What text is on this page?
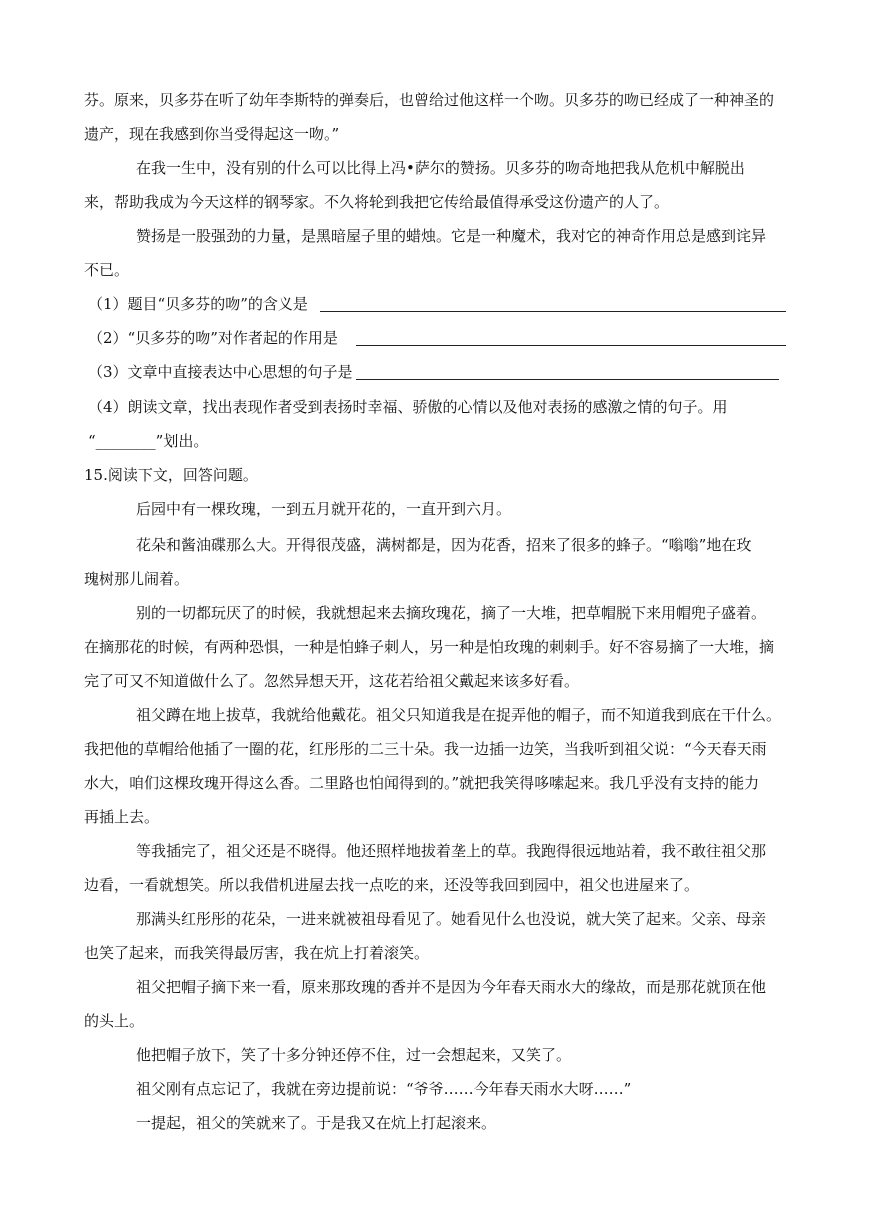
芬。原来，贝多芬在听了幼年李斯特的弹奏后，也曾给过他这样一个吻。贝多芬的吻已经成了一种神圣的
遗产，现在我感到你当受得起这一吻。”
在我一生中，没有别的什么可以比得上冯•萨尔的赞扬。贝多芬的吻奇地把我从危机中解脱出
来，帮助我成为今天这样的钢琴家。不久将轮到我把它传给最值得承受这份遗产的人了。
赞扬是一股强劲的力量，是黑暗屋子里的蜡烛。它是一种魔术，我对它的神奇作用总是感到诧异
不已。
（1）题目“贝多芬的吻”的含义是
（2）“贝多芬的吻”对作者起的作用是
（3）文章中直接表达中心思想的句子是
（4）朗读文章，找出表现作者受到表扬时幸福、骄傲的心情以及他对表扬的感激之情的句子。用
“________”划出。
15.阅读下文，回答问题。
后园中有一棵玫瑰，一到五月就开花的，一直开到六月。
花朵和酱油碟那么大。开得很茂盛，满树都是，因为花香，招来了很多的蜂子。“嗡嗡”地在玫
瑰树那儿闹着。
别的一切都玩厌了的时候，我就想起来去摘玫瑰花，摘了一大堆，把草帽脱下来用帽兜子盛着。
在摘那花的时候，有两种恐惧，一种是怕蜂子刺人，另一种是怕玫瑰的刺刺手。好不容易摘了一大堆，摘
完了可又不知道做什么了。忽然异想天开，这花若给祖父戴起来该多好看。
祖父蹲在地上拔草，我就给他戴花。祖父只知道我是在捉弄他的帽子，而不知道我到底在干什么。
我把他的草帽给他插了一圈的花，红彤彤的二三十朵。我一边插一边笑，当我听到祖父说：“今天春天雨
水大，咱们这棵玫瑰开得这么香。二里路也怕闻得到的。”就把我笑得哆嗦起来。我几乎没有支持的能力
再插上去。
等我插完了，祖父还是不晓得。他还照样地拔着垄上的草。我跑得很远地站着，我不敢往祖父那
边看，一看就想笑。所以我借机进屋去找一点吃的来，还没等我回到园中，祖父也进屋来了。
那满头红彤彤的花朵，一进来就被祖母看见了。她看见什么也没说，就大笑了起来。父亲、母亲
也笑了起来，而我笑得最厉害，我在炕上打着滚笑。
祖父把帽子摘下来一看，原来那玫瑰的香并不是因为今年春天雨水大的缘故，而是那花就顶在他
的头上。
他把帽子放下，笑了十多分钟还停不住，过一会想起来，又笑了。
祖父刚有点忘记了，我就在旁边提前说：“爷爷……今年春天雨水大呀……”
一提起，祖父的笑就来了。于是我又在炕上打起滚来。
